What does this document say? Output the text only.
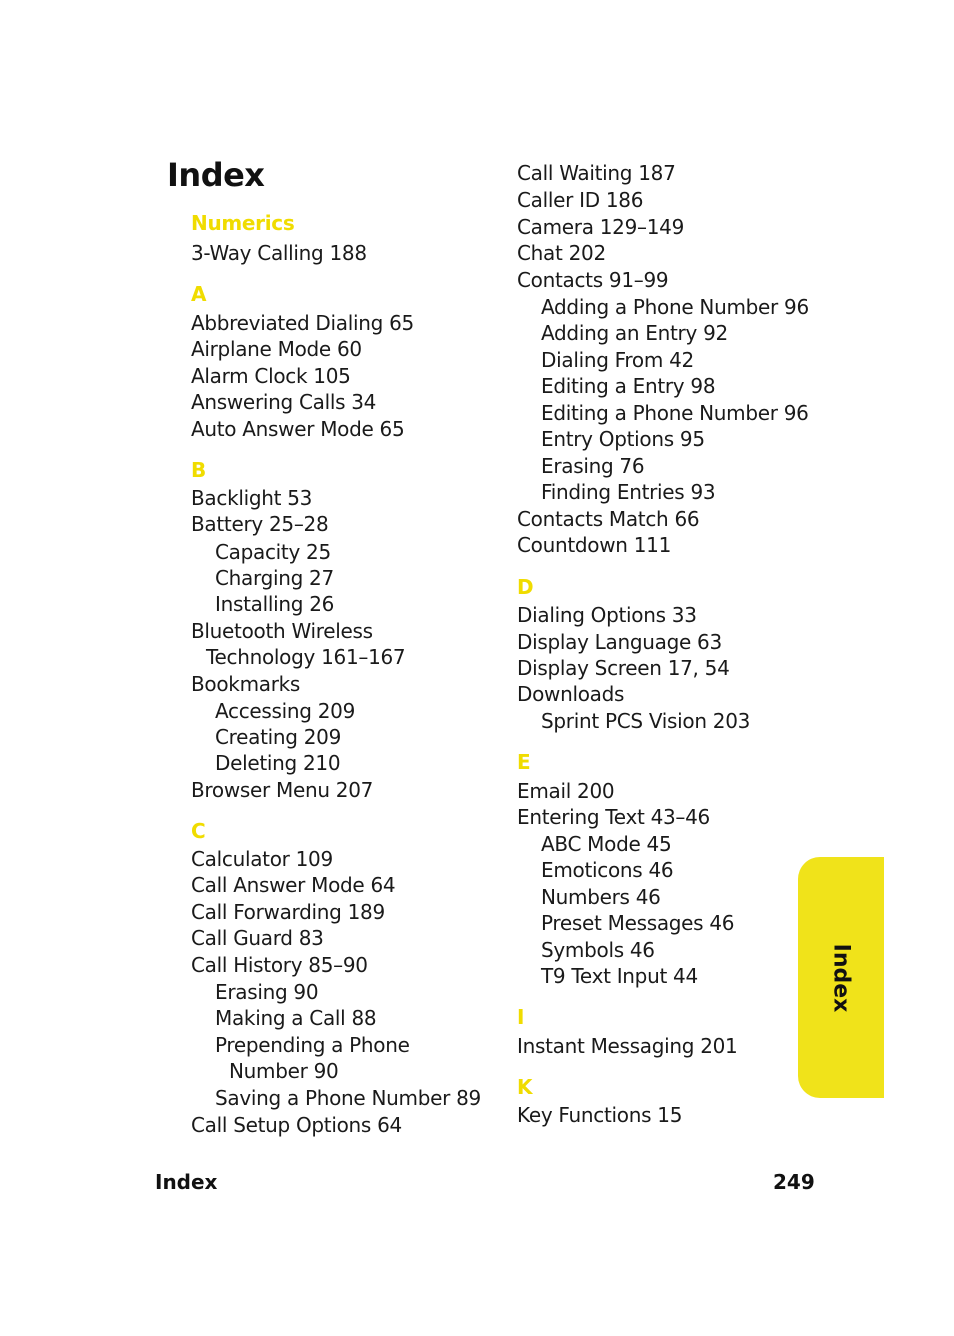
Index
Numerics
3-Way Calling 188
A
Abbreviated Dialing 65
Airplane Mode 60
Alarm Clock 105
Answering Calls 34
Auto Answer Mode 65
B
Backlight 53
Battery 25–28
Capacity 25
Charging 27
Installing 26
Bluetooth Wireless
Technology 161–167
Bookmarks
Accessing 209
Creating 209
Deleting 210
Browser Menu 207
C
Calculator 109
Call Answer Mode 64
Call Forwarding 189
Call Guard 83
Call History 85–90
Erasing 90
Making a Call 88
Prepending a Phone
Number 90
Saving a Phone Number 89
Call Setup Options 64
Call Waiting 187
Caller ID 186
Camera 129–149
Chat 202
Contacts 91–99
Adding a Phone Number 96
Adding an Entry 92
Dialing From 42
Editing a Entry 98
Editing a Phone Number 96
Entry Options 95
Erasing 76
Finding Entries 93
Contacts Match 66
Countdown 111
D
Dialing Options 33
Display Language 63
Display Screen 17, 54
Downloads
Sprint PCS Vision 203
E
Email 200
Entering Text 43–46
ABC Mode 45
Emoticons 46
Numbers 46
Preset Messages 46
Symbols 46
T9 Text Input 44
I
Instant Messaging 201
K
Key Functions 15
Index
Index	249
